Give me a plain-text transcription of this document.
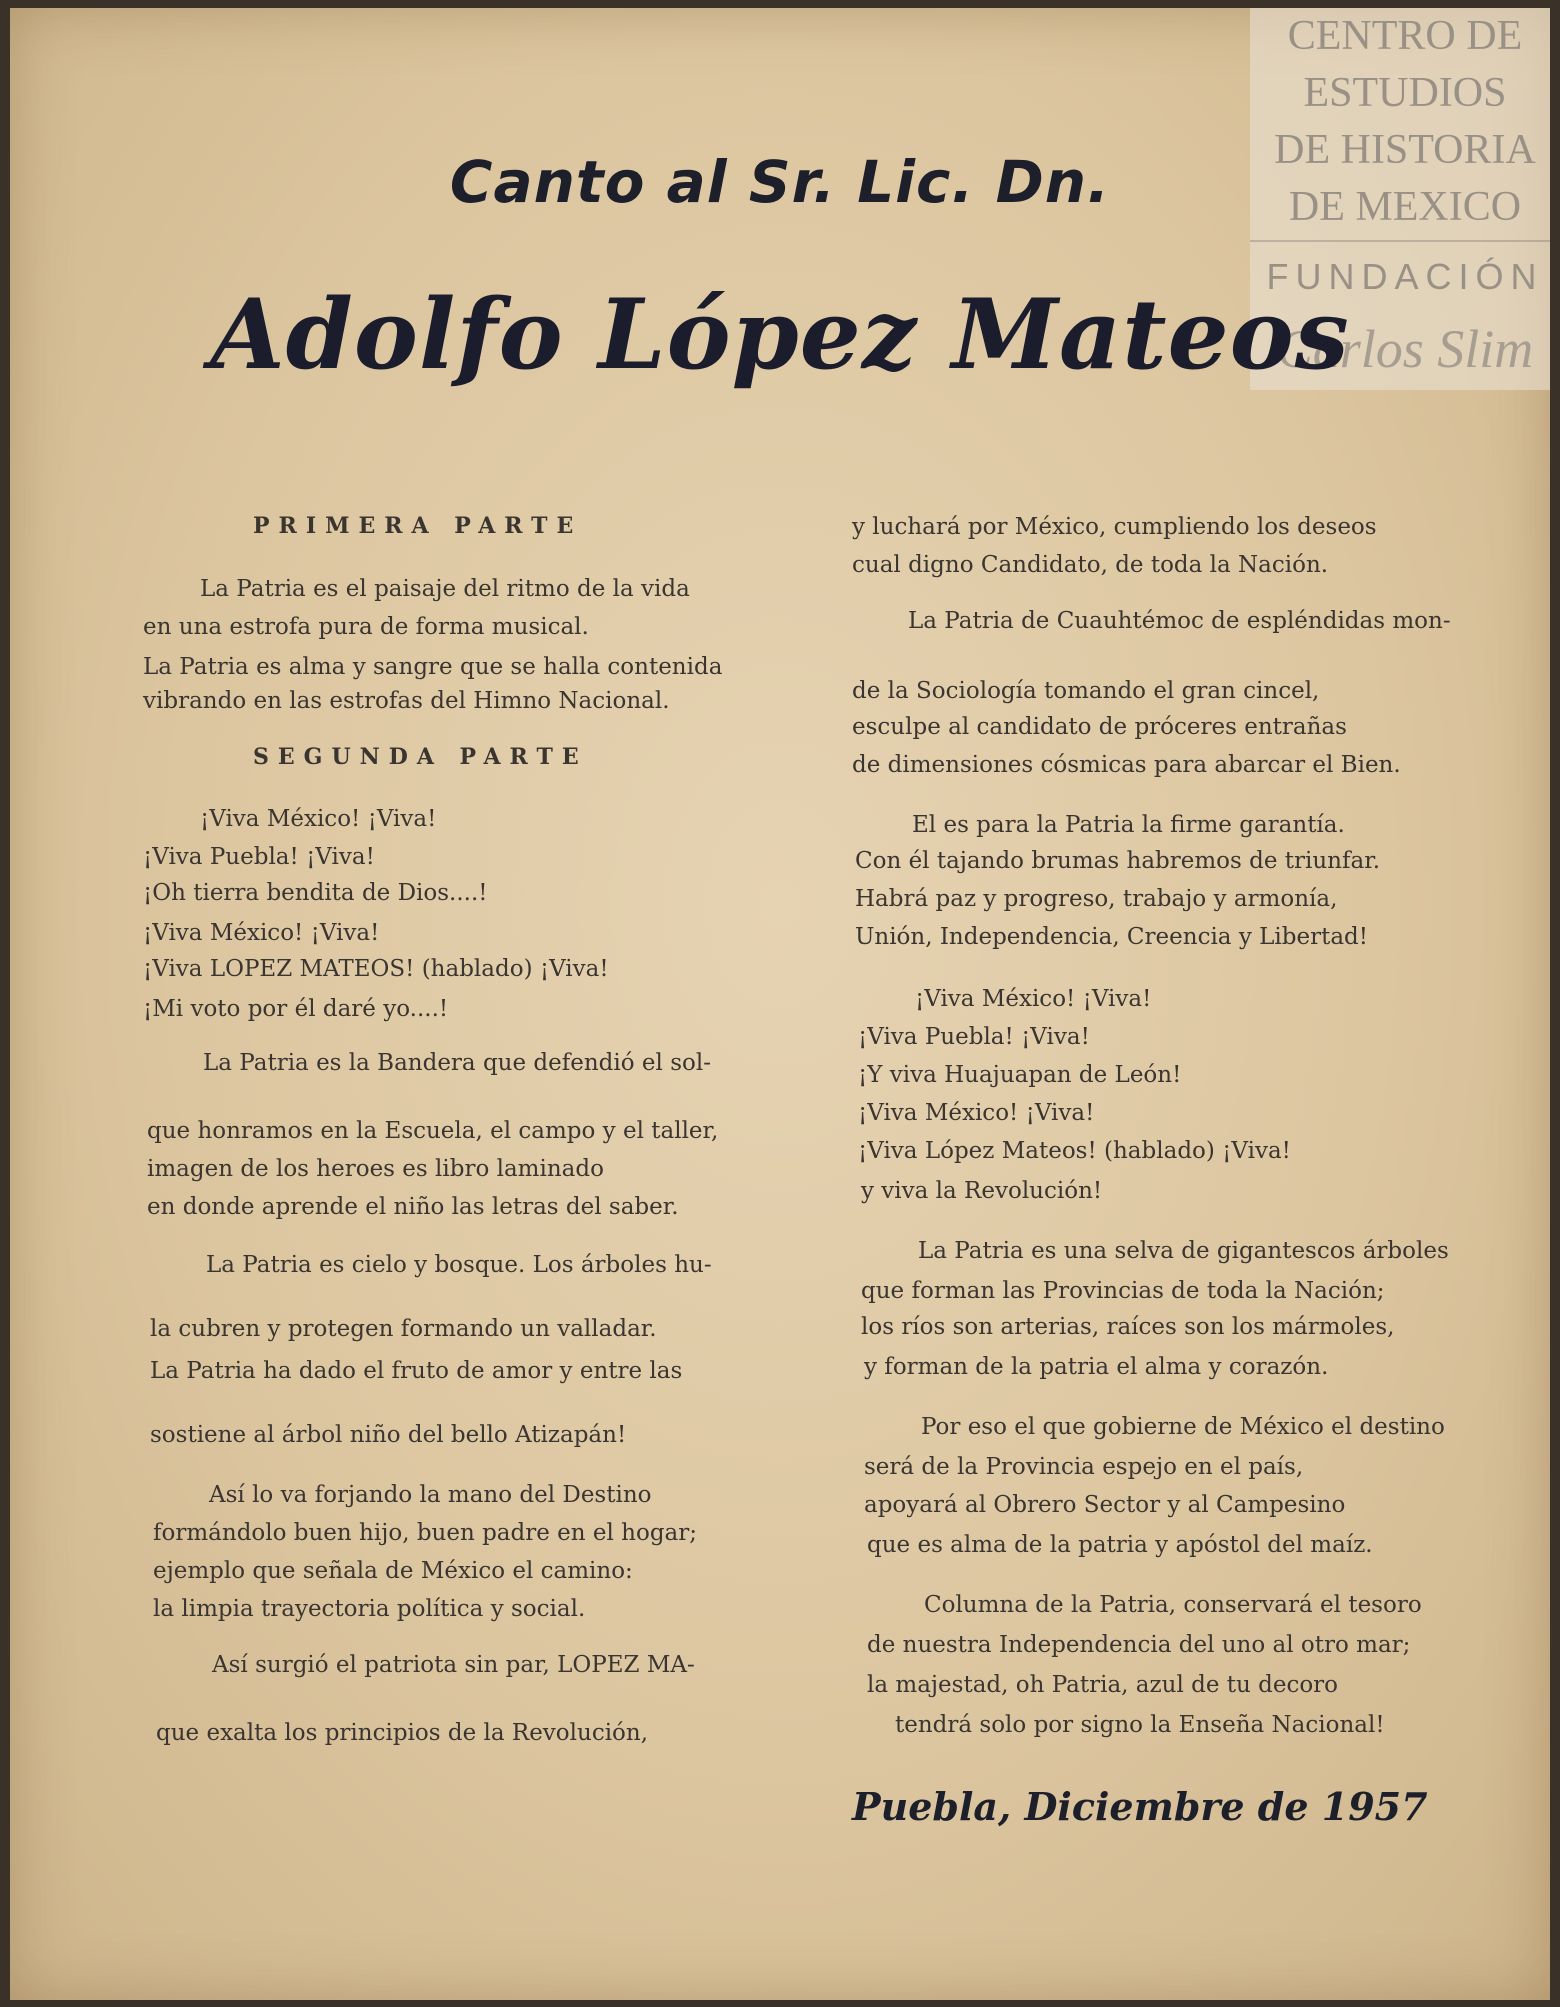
CENTRO DE
ESTUDIOS
DE HISTORIA
DE MEXICO
FUNDACIÓN
Carlos Slim
Canto al Sr. Lic. Dn.
Adolfo López Mateos
PRIMERA PARTE
La Patria es el paisaje del ritmo de la vida
en una estrofa pura de forma musical.
La Patria es alma y sangre que se halla contenida
vibrando en las estrofas del Himno Nacional.
SEGUNDA PARTE
¡Viva México! ¡Viva!
¡Viva Puebla! ¡Viva!
¡Oh tierra bendita de Dios....!
¡Viva México! ¡Viva!
¡Viva LOPEZ MATEOS! (hablado) ¡Viva!
¡Mi voto por él daré yo....!
La Patria es la Bandera que defendió el sol-
que honramos en la Escuela, el campo y el taller,
imagen de los heroes es libro laminado
en donde aprende el niño las letras del saber.
La Patria es cielo y bosque. Los árboles hu-
la cubren y protegen formando un valladar.
La Patria ha dado el fruto de amor y entre las
sostiene al árbol niño del bello Atizapán!
Así lo va forjando la mano del Destino
formándolo buen hijo, buen padre en el hogar;
ejemplo que señala de México el camino:
la limpia trayectoria política y social.
Así surgió el patriota sin par, LOPEZ MA-
que exalta los principios de la Revolución,
y luchará por México, cumpliendo los deseos
cual digno Candidato, de toda la Nación.
La Patria de Cuauhtémoc de espléndidas mon-
de la Sociología tomando el gran cincel,
esculpe al candidato de próceres entrañas
de dimensiones cósmicas para abarcar el Bien.
El es para la Patria la firme garantía.
Con él tajando brumas habremos de triunfar.
Habrá paz y progreso, trabajo y armonía,
Unión, Independencia, Creencia y Libertad!
¡Viva México! ¡Viva!
¡Viva Puebla! ¡Viva!
¡Y viva Huajuapan de León!
¡Viva México! ¡Viva!
¡Viva López Mateos! (hablado) ¡Viva!
y viva la Revolución!
La Patria es una selva de gigantescos árboles
que forman las Provincias de toda la Nación;
los ríos son arterias, raíces son los mármoles,
y forman de la patria el alma y corazón.
Por eso el que gobierne de México el destino
será de la Provincia espejo en el país,
apoyará al Obrero Sector y al Campesino
que es alma de la patria y apóstol del maíz.
Columna de la Patria, conservará el tesoro
de nuestra Independencia del uno al otro mar;
la majestad, oh Patria, azul de tu decoro
tendrá solo por signo la Enseña Nacional!
Puebla, Diciembre de 1957
